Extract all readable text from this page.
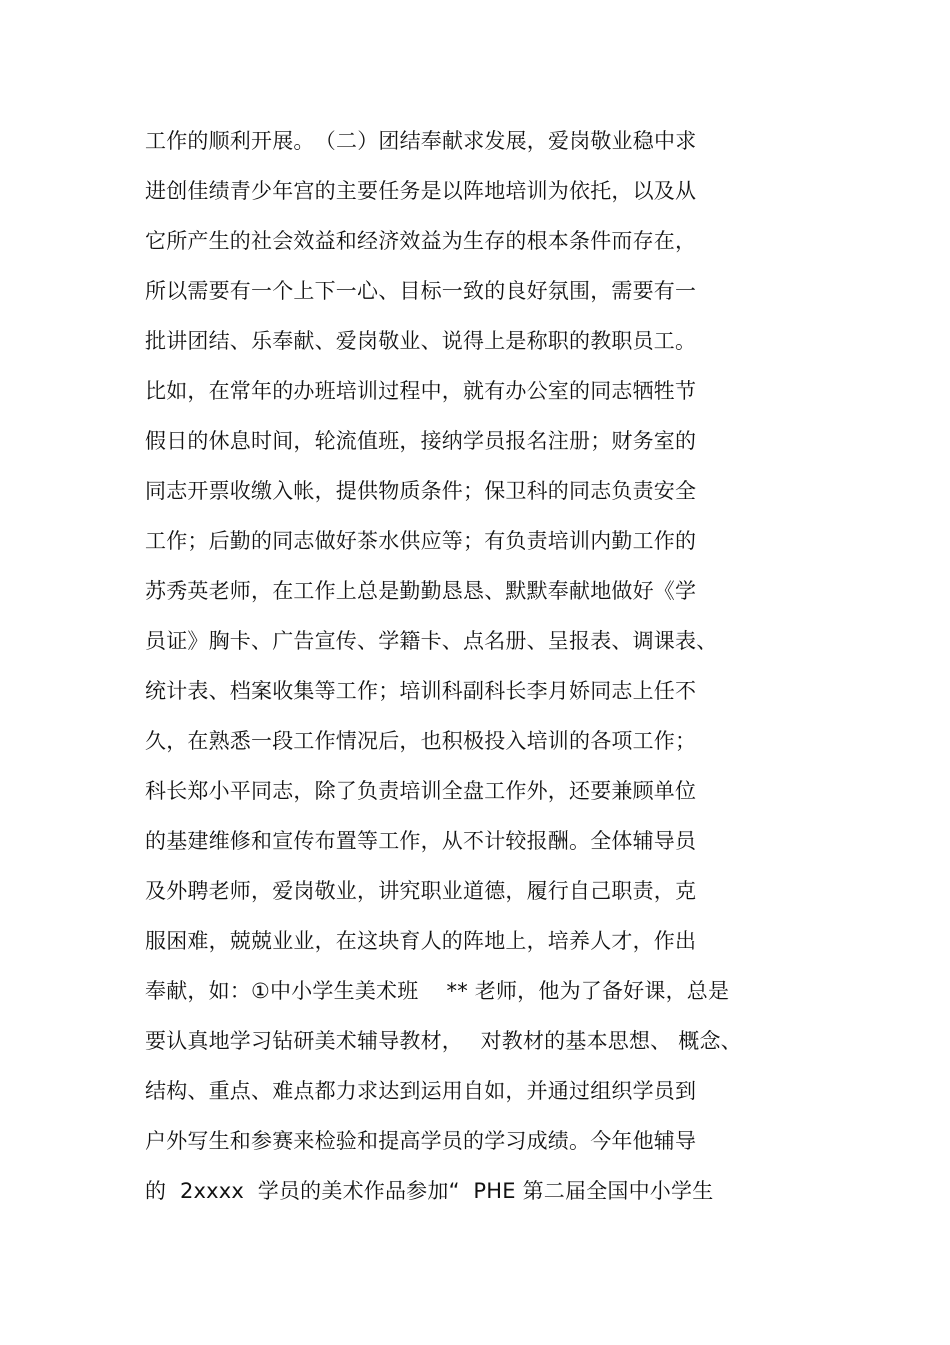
工作的顺利开展。　（二）团结奉献求发展，爱岗敬业稳中求
进创佳绩青少年宫的主要任务是以阵地培训为依托，以及从
它所产生的社会效益和经济效益为生存的根本条件而存在，
所以需要有一个上下一心、目标一致的良好氛围，需要有一
批讲团结、乐奉献、爱岗敬业、说得上是称职的教职员工。
比如，在常年的办班培训过程中，就有办公室的同志牺牲节
假日的休息时间，轮流值班，接纳学员报名注册；财务室的
同志开票收缴入帐，提供物质条件；保卫科的同志负责安全
工作；后勤的同志做好茶水供应等；有负责培训内勤工作的
苏秀英老师，在工作上总是勤勤恳恳、默默奉献地做好《学
员证》胸卡、广告宣传、学籍卡、点名册、呈报表、调课表、
统计表、档案收集等工作；培训科副科长李月娇同志上任不
久，在熟悉一段工作情况后，也积极投入培训的各项工作；
科长郑小平同志，除了负责培训全盘工作外，还要兼顾单位
的基建维修和宣传布置等工作，从不计较报酬。全体辅导员
及外聘老师，爱岗敬业，讲究职业道德，履行自己职责，克
服困难，兢兢业业，在这块育人的阵地上，培养人才，作出
奉献，如：①中小学生美术班　 ** 老师，他为了备好课，总是
要认真地学习钻研美术辅导教材，　 对教材的基本思想、 概念、
结构、重点、难点都力求达到运用自如，并通过组织学员到
户外写生和参赛来检验和提高学员的学习成绩。今年他辅导
的  2xxxx  学员的美术作品参加“  PHE 第二届全国中小学生
